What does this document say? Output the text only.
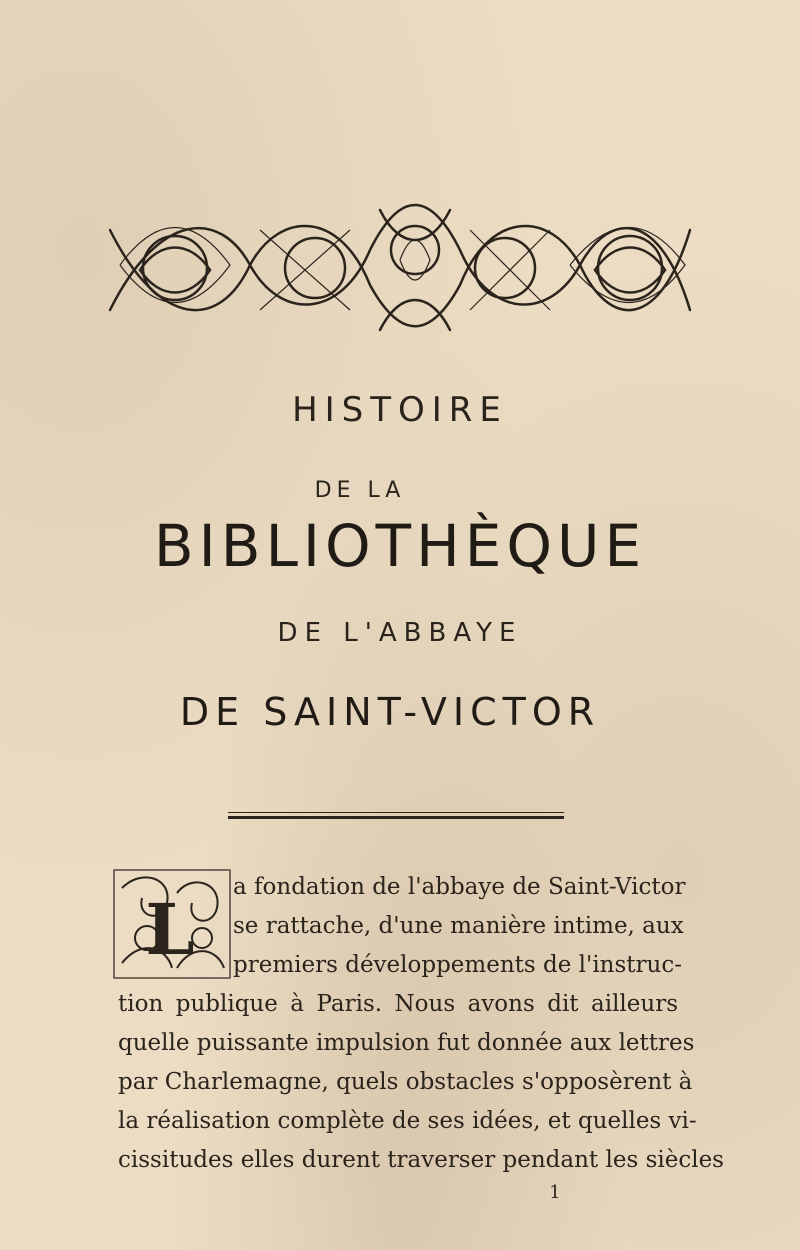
HISTOIRE
DE LA
BIBLIOTHÈQUE
DE L'ABBAYE
DE SAINT-VICTOR
L
a fondation de l'abbaye de Saint-Victor
se rattache, d'une manière intime, aux
premiers développements de l'instruc-
tion publique à Paris. Nous avons dit ailleurs
quelle puissante impulsion fut donnée aux lettres
par Charlemagne, quels obstacles s'opposèrent à
la réalisation complète de ses idées, et quelles vi-
cissitudes elles durent traverser pendant les siècles
1
